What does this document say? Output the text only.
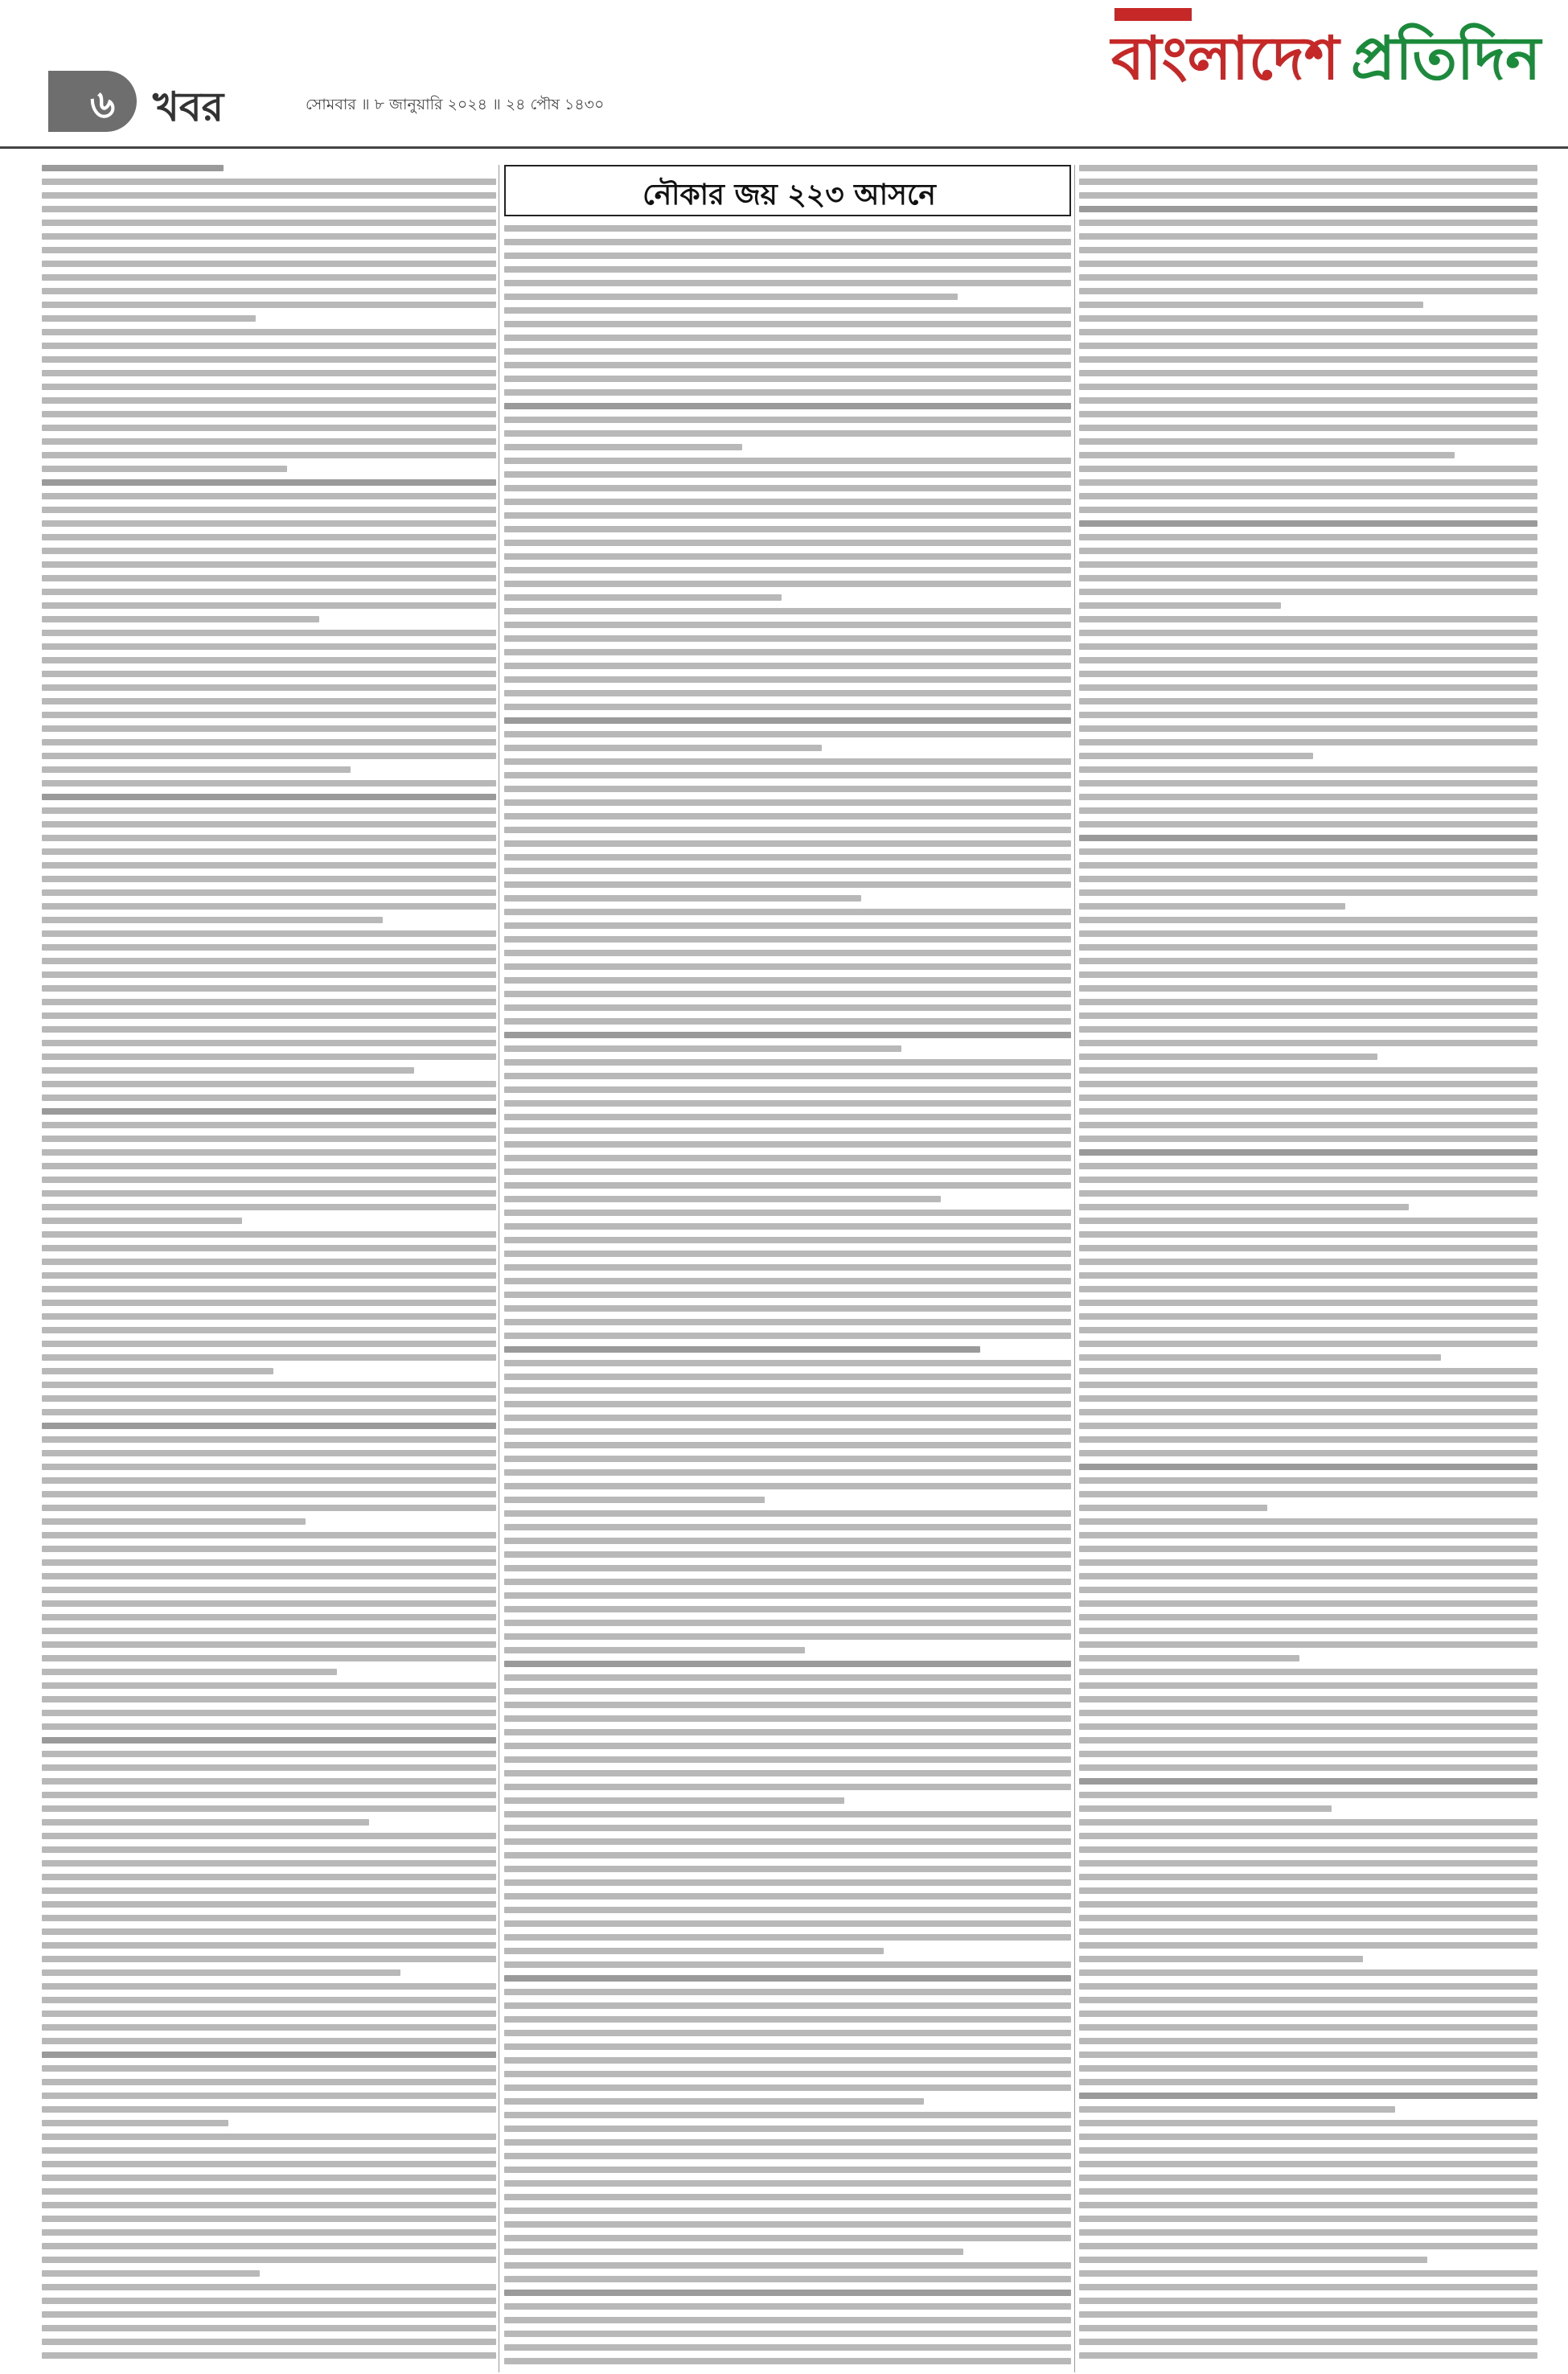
৬ খবর	সোমবার ॥ ৮ জানুয়ারি ২০২৪ ॥ ২৪ পৌষ ১৪৩০
বাংলাদেশ প্রতিদিন
নৌকার জয় ২২৩ আসনে
